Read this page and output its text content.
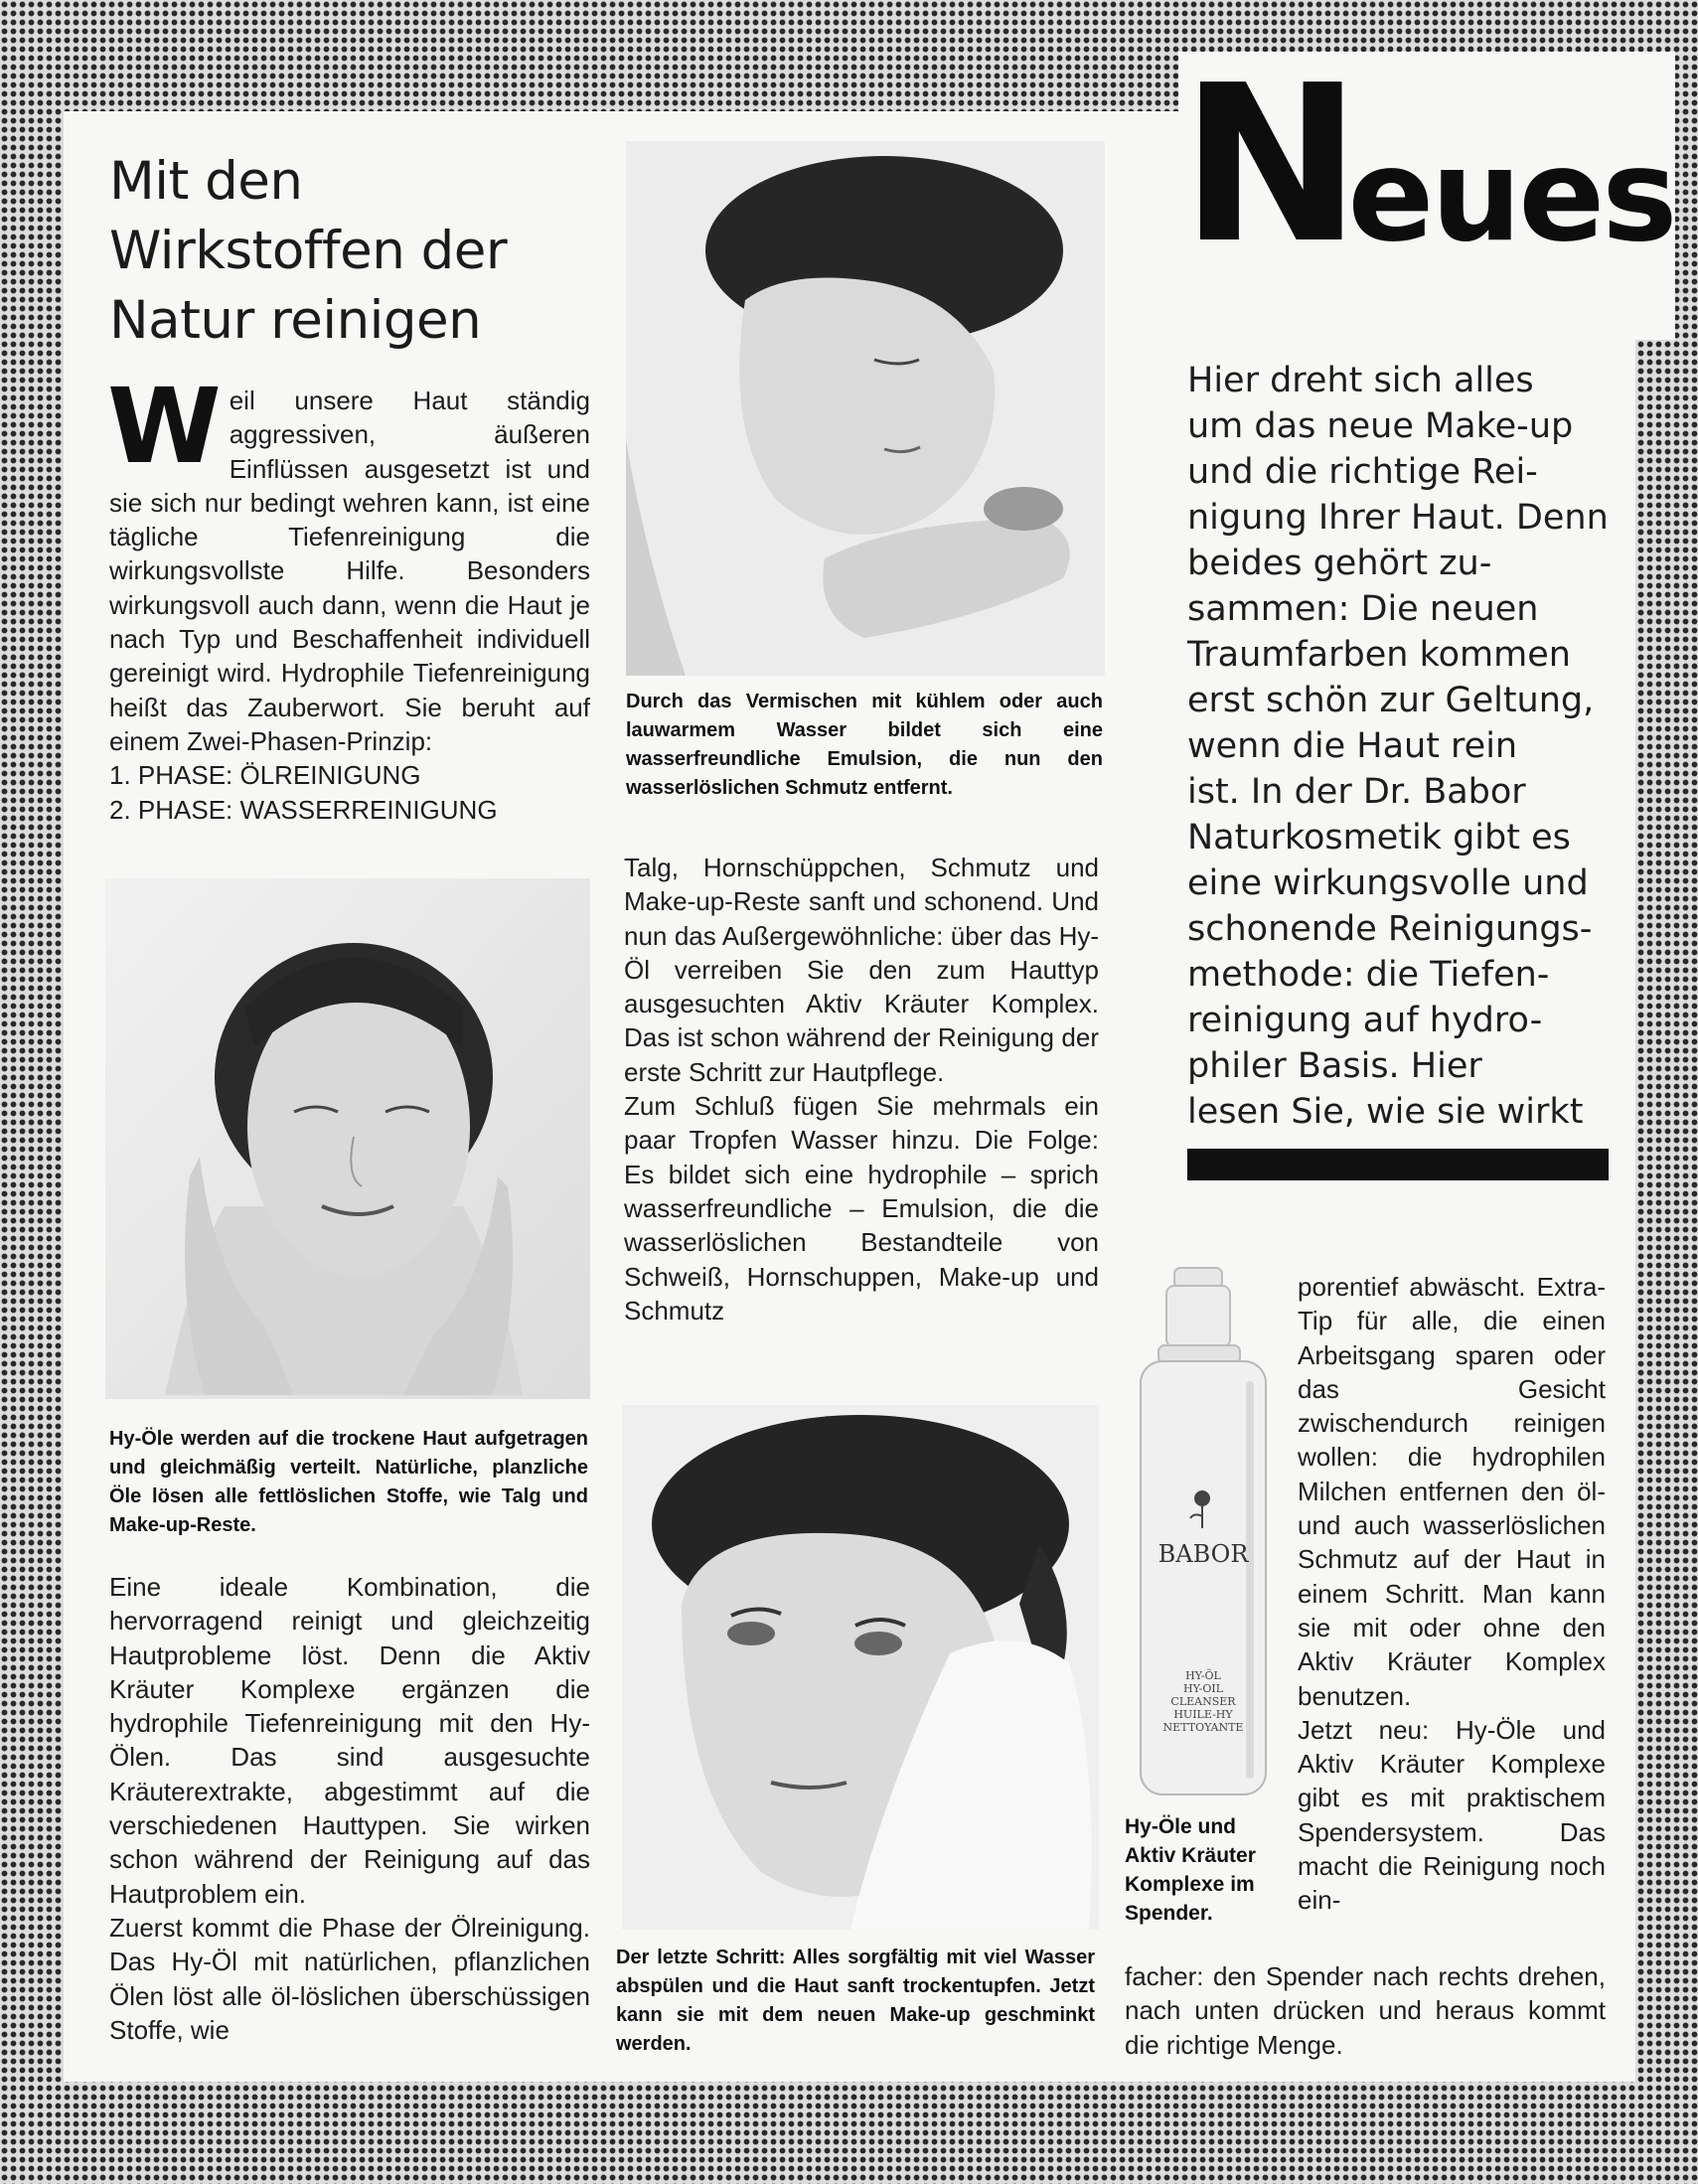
Mit den
Wirkstoffen der
Natur reinigen
W eil unsere Haut ständig aggressiven, äußeren Einflüssen ausgesetzt ist und sie sich nur bedingt wehren kann, ist eine tägliche Tiefenreinigung die wirkungsvollste Hilfe. Besonders wirkungsvoll auch dann, wenn die Haut je nach Typ und Beschaffenheit individuell gereinigt wird. Hydrophile Tiefenreinigung heißt das Zauberwort. Sie beruht auf einem Zwei-Phasen-Prinzip:
1. PHASE: ÖLREINIGUNG
2. PHASE: WASSERREINIGUNG
Hy-Öle werden auf die trockene Haut aufgetragen und gleichmäßig verteilt. Natürliche, planzliche Öle lösen alle fettlöslichen Stoffe, wie Talg und Make-up-Reste.

Eine ideale Kombination, die hervorragend reinigt und gleichzeitig Hautprobleme löst. Denn die Aktiv Kräuter Komplexe ergänzen die hydrophile Tiefenreinigung mit den Hy-Ölen. Das sind ausgesuchte Kräuterextrakte, abgestimmt auf die verschiedenen Hauttypen. Sie wirken schon während der Reinigung auf das Hautproblem ein.

Zuerst kommt die Phase der Ölreinigung. Das Hy-Öl mit natürlichen, pflanzlichen Ölen löst alle öl-löslichen überschüssigen Stoffe, wie

Durch das Vermischen mit kühlem oder auch lauwarmem Wasser bildet sich eine wasserfreundliche Emulsion, die nun den wasserlöslichen Schmutz entfernt.

Talg, Hornschüppchen, Schmutz und Make-up-Reste sanft und schonend. Und nun das Außergewöhnliche: über das Hy-Öl verreiben Sie den zum Hauttyp ausgesuchten Aktiv Kräuter Komplex. Das ist schon während der Reinigung der erste Schritt zur Hautpflege.

Zum Schluß fügen Sie mehrmals ein paar Tropfen Wasser hinzu. Die Folge: Es bildet sich eine hydrophile – sprich wasserfreundliche – Emulsion, die die wasserlöslichen Bestandteile von Schweiß, Hornschuppen, Make-up und Schmutz

Der letzte Schritt: Alles sorgfältig mit viel Wasser abspülen und die Haut sanft trockentupfen. Jetzt kann sie mit dem neuen Make-up geschminkt werden.
Neues
Hier dreht sich alles
um das neue Make-up
und die richtige Rei-
nigung Ihrer Haut. Denn
beides gehört zu-
sammen: Die neuen
Traumfarben kommen
erst schön zur Geltung,
wenn die Haut rein
ist. In der Dr. Babor
Naturkosmetik gibt es
eine wirkungsvolle und
schonende Reinigungs-
methode: die Tiefen-
reinigung auf hydro-
philer Basis. Hier
lesen Sie, wie sie wirkt
BABOR
HY-ÖL
HY-OIL
CLEANSER
HUILE-HY
NETTOYANTE
Hy-Öle und Aktiv Kräuter Komplexe im Spender.

porentief abwäscht. Extra-Tip für alle, die einen Arbeitsgang sparen oder das Gesicht zwischendurch reinigen wollen: die hydrophilen Milchen entfernen den öl- und auch wasserlöslichen Schmutz auf der Haut in einem Schritt. Man kann sie mit oder ohne den Aktiv Kräuter Komplex benutzen.

Jetzt neu: Hy-Öle und Aktiv Kräuter Komplexe gibt es mit praktischem Spendersystem. Das macht die Reinigung noch ein-

facher: den Spender nach rechts drehen, nach unten drücken und heraus kommt die richtige Menge.
